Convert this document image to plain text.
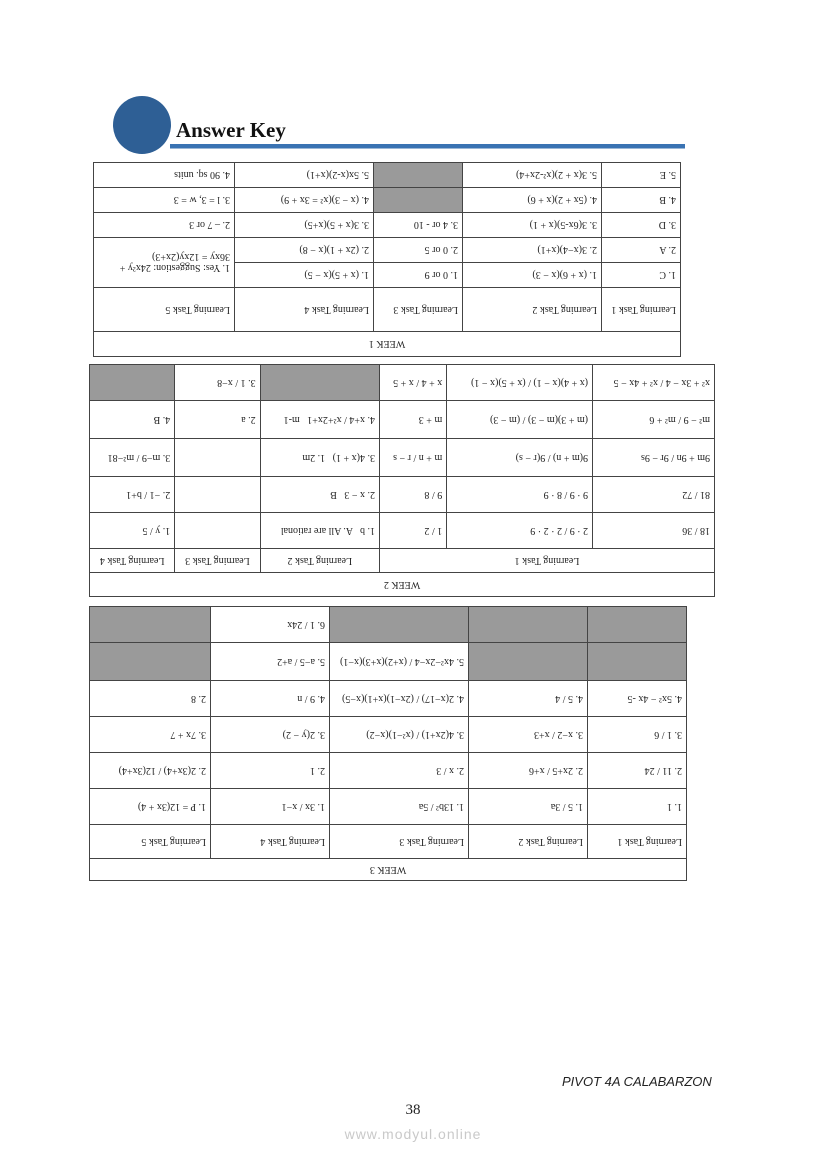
Answer Key
WEEK 1				
Learning Task 1	Learning Task 2	Learning Task 3	Learning Task 4	Learning Task 5
1. C	1. (x + 6)(x − 3)	1. 0 or 9	1. (x + 5)(x − 5)	1. Yes: Suggestion: 24x²y + 36xy = 12xy(2x+3)
2. A	2. 3(x−4)(x+1)	2. 0 or 5	2. (2x + 1)(x − 8)	
3. D	3. 3(6x-5)(x + 1)	3. 4 or - 10	3. 3(x + 5)(x+5)	2. – 7 or 3
4. B	4. (5x + 2)(x + 6)		4. (x − 3)(x² = 3x + 9)	3. l = 3, w = 3
5. E	5. 3(x + 2)(x²-2x+4)		5. 5x(x-2)(x+1)	4. 90 sq. units
WEEK 2					
Learning Task 1			Learning Task 2	Learning Task 3	Learning Task 4
18 / 36	2 · 9 / 2 · 2 · 9	1 / 2	1. b   A. All are rational		1. y / 5
81 / 72	9 · 9 / 8 · 9	9 / 8	2. x − 3   B		2. −1 / b+1
9m + 9n / 9r − 9s	9(m + n) / 9(r − s)	m + n / r − s	3. 4(x + 1)   1. 2m		3. m−9 / m²−81
m² − 9 / m² + 6	(m + 3)(m − 3) / (m − 3)	m + 3	4. x+4 / x²+2x+1   m-1	2. a	4. B
x² + 3x − 4 / x² + 4x − 5	(x + 4)(x − 1) / (x + 5)(x − 1)	x + 4 / x + 5		3. 1 / x−8	
WEEK 3				
Learning Task 1	Learning Task 2	Learning Task 3	Learning Task 4	Learning Task 5
1. 1	1. 5 / 3a	1. 13b² / 5a	1. 3x / x−1	1. P = 12(3x + 4)
2. 11 / 24	2. 2x+5 / x+6	2. x / 3	2. 1	2. 2(3x+4) / 12(3x+4)
3. 1 / 6	3. x−2 / x+3	3. 4(2x+1) / (x²−1)(x−2)	3. 2(y − 2)	3. 7x + 7
4. 5x² − 4x -5	4. 5 / 4	4. 2(x−17) / (2x−1)(x+1)(x−5)	4. 9 / n	2. 8
		5. 4x²−2x−4 / (x+2)(x+3)(x−1)	5. a−5 / a+2	
			6. 1 / 24x	
PIVOT 4A CALABARZON
38
www.modyul.online
